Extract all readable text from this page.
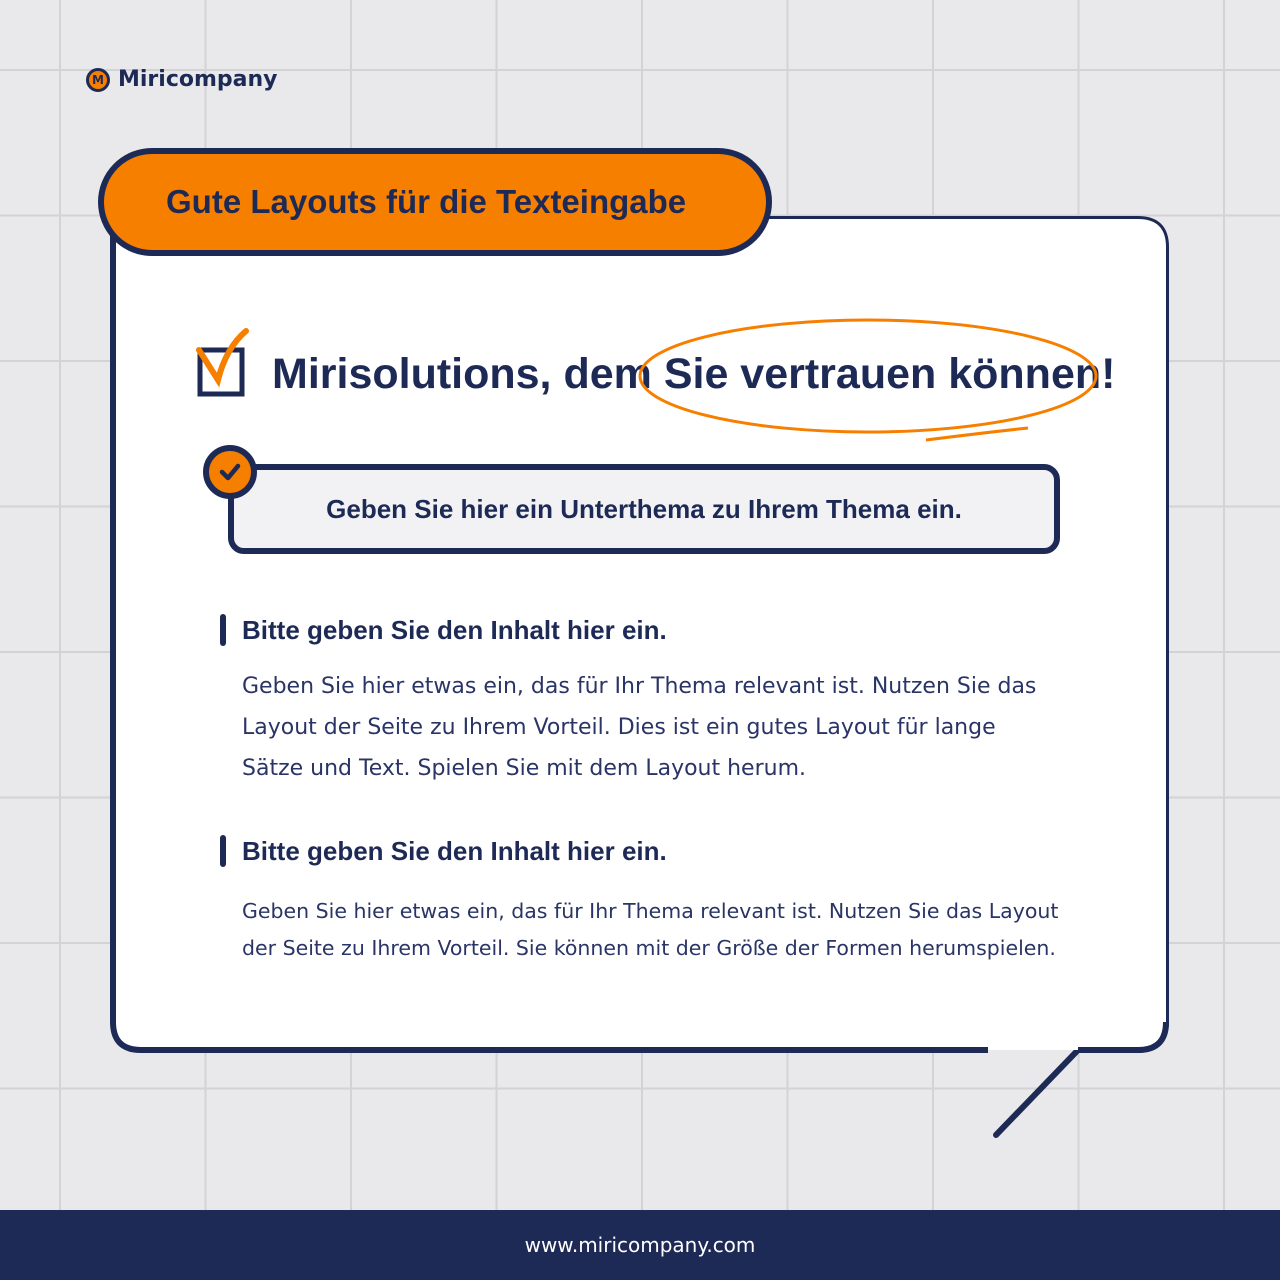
M Miricompany
Gute Layouts für die Texteingabe
Mirisolutions, dem Sie vertrauen können!
Geben Sie hier ein Unterthema zu Ihrem Thema ein.
Bitte geben Sie den Inhalt hier ein.
Geben Sie hier etwas ein, das für Ihr Thema relevant ist. Nutzen Sie das Layout der Seite zu Ihrem Vorteil. Dies ist ein gutes Layout für lange Sätze und Text. Spielen Sie mit dem Layout herum.
Bitte geben Sie den Inhalt hier ein.
Geben Sie hier etwas ein, das für Ihr Thema relevant ist. Nutzen Sie das Layout der Seite zu Ihrem Vorteil. Sie können mit der Größe der Formen herumspielen.
www.miricompany.com
